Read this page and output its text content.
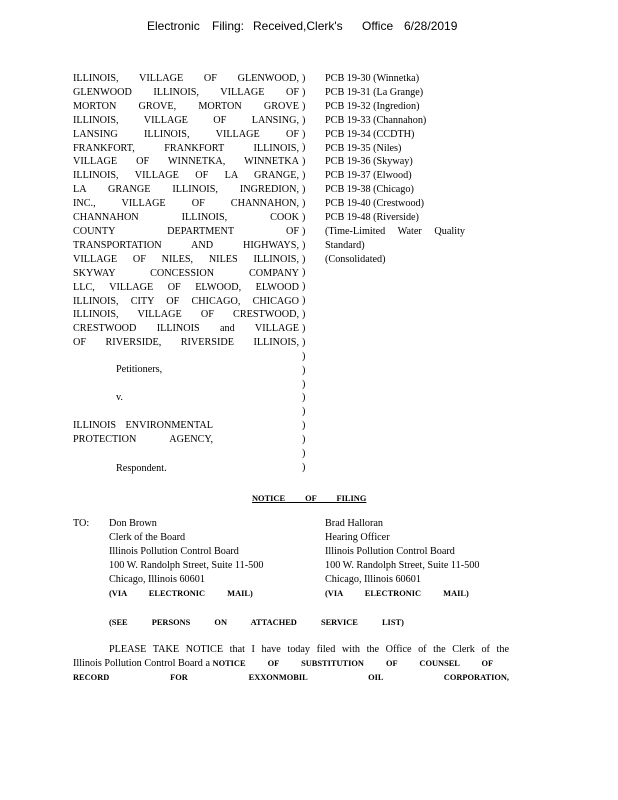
Electronic

Filing:

Received,Clerk's

Office

6/28/2019

ILLINOIS, VILLAGE OF GLENWOOD,
GLENWOOD ILLINOIS, VILLAGE OF
MORTON GROVE, MORTON GROVE
ILLINOIS, VILLAGE OF LANSING,
LANSING ILLINOIS, VILLAGE OF
FRANKFORT, FRANKFORT ILLINOIS,
VILLAGE OF WINNETKA, WINNETKA
ILLINOIS, VILLAGE OF LA GRANGE,
LA GRANGE ILLINOIS, INGREDION,
INC., VILLAGE OF CHANNAHON,
CHANNAHON ILLINOIS, COOK
COUNTY DEPARTMENT OF
TRANSPORTATION AND HIGHWAYS,
VILLAGE OF NILES, NILES ILLINOIS,
SKYWAY CONCESSION COMPANY
LLC, VILLAGE OF ELWOOD, ELWOOD
ILLINOIS, CITY OF CHICAGO, CHICAGO
ILLINOIS, VILLAGE OF CRESTWOOD,
CRESTWOOD ILLINOIS and VILLAGE
OF RIVERSIDE, RIVERSIDE ILLINOIS,
Petitioners,
v.
ILLINOIS ENVIRONMENTAL
PROTECTION AGENCY,
Respondent.
)
)
)
)
)
)
)
)
)
)
)
)
)
)
)
)
)
)
)
)
)
)
)
)
)
)
)
)
)
PCB 19-30 (Winnetka)
PCB 19-31 (La Grange)
PCB 19-32 (Ingredion)
PCB 19-33 (Channahon)
PCB 19-34 (CCDTH)
PCB 19-35 (Niles)
PCB 19-36 (Skyway)
PCB 19-37 (Elwood)
PCB 19-38 (Chicago)
PCB 19-40 (Crestwood)
PCB 19-48 (Riverside)
(Time-Limited Water Quality
Standard)
(Consolidated)
NOTICE OF FILING
TO: Don Brown
Clerk of the Board
Illinois Pollution Control Board
100 W. Randolph Street, Suite 11-500
Chicago, Illinois 60601
(VIA ELECTRONIC MAIL)
Brad Halloran
Hearing Officer
Illinois Pollution Control Board
100 W. Randolph Street, Suite 11-500
Chicago, Illinois 60601
(VIA ELECTRONIC MAIL)
(SEE PERSONS ON ATTACHED SERVICE LIST)
PLEASE TAKE NOTICE that I have today filed with the Office of the Clerk of the
Illinois Pollution Control Board a NOTICE OF SUBSTITUTION OF COUNSEL OF
RECORD FOR EXXONMOBIL OIL CORPORATION,
